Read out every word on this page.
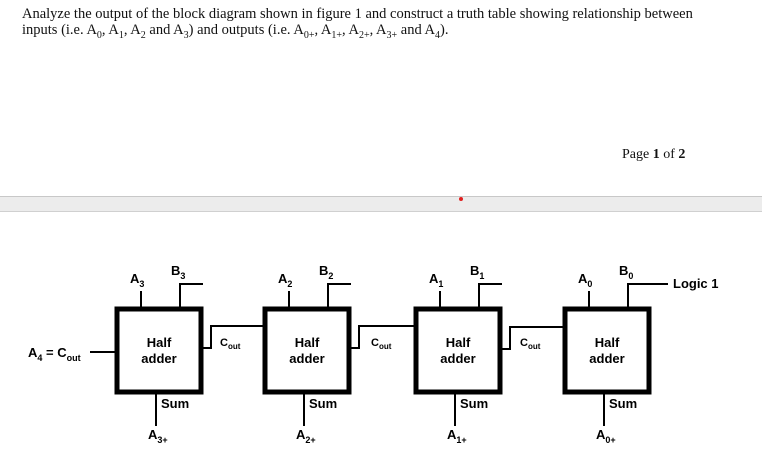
Analyze the output of the block diagram shown in figure 1 and construct a truth table showing relationship between
inputs (i.e. $A_0$, $A_1$, $A_2$ and $A_3$) and outputs (i.e. $A_{0+}$, $A_{1+}$, $A_{2+}$, $A_{3+}$ and $A_4$).
Page 1 of 2
Half
adder
$A_3$
$B_3$
Sum
$A_{3+}$
Half
adder
$A_2$
$B_2$
Sum
$A_{2+}$
Half
adder
$A_1$
$B_1$
Sum
$A_{1+}$
Half
adder
$A_0$
$B_0$
Sum
$A_{0+}$
$C_{out}$	$C_{out}$	$C_{out}$
$A_4 = C_{out}$
Logic 1
